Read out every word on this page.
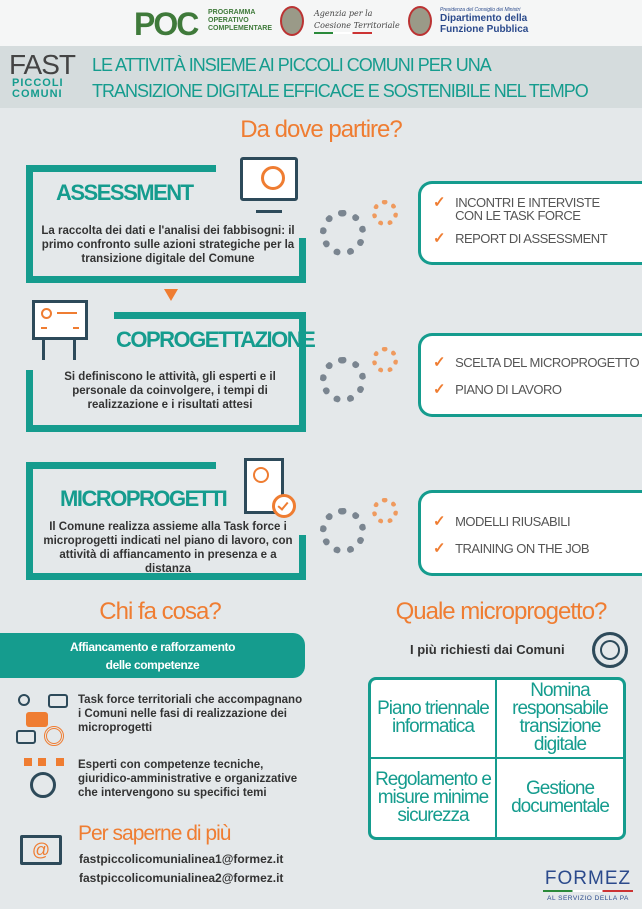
POC PROGRAMMA
OPERATIVO
COMPLEMENTARE
Agenzia per la
Coesione Territoriale
Presidenza del Consiglio dei Ministri
Dipartimento della
Funzione Pubblica
FAST
PICCOLI
COMUNI
LE ATTIVITÀ INSIEME AI PICCOLI COMUNI PER UNA
TRANSIZIONE DIGITALE EFFICACE E SOSTENIBILE NEL TEMPO
Da dove partire?
ASSESSMENT
La raccolta dei dati e l'analisi dei fabbisogni: il primo confronto sulle azioni strategiche per la transizione digitale del Comune
COPROGETTAZIONE
Si definiscono le attività, gli esperti e il personale da coinvolgere, i tempi di realizzazione e i risultati attesi
MICROPROGETTI
Il Comune realizza assieme alla Task force i microprogetti indicati nel piano di lavoro, con attività di affiancamento in presenza e a distanza
✓ INCONTRI E INTERVISTE CON LE TASK FORCE
✓ REPORT DI ASSESSMENT
✓ SCELTA DEL MICROPROGETTO
✓ PIANO DI LAVORO
✓ MODELLI RIUSABILI
✓ TRAINING ON THE JOB
Chi fa cosa?
Affiancamento e rafforzamento
delle competenze
Task force territoriali che accompagnano i Comuni nelle fasi di realizzazione dei microprogetti
Esperti con competenze tecniche, giuridico-amministrative e organizzative che intervengono su specifici temi
@
Per saperne di più
fastpiccolicomunialinea1@formez.it
fastpiccolicomunialinea2@formez.it
Quale microprogetto?
I più richiesti dai Comuni
Piano triennale informatica
Nomina responsabile transizione digitale
Regolamento e misure minime sicurezza
Gestione documentale
FORMEZ
AL SERVIZIO DELLA PA
